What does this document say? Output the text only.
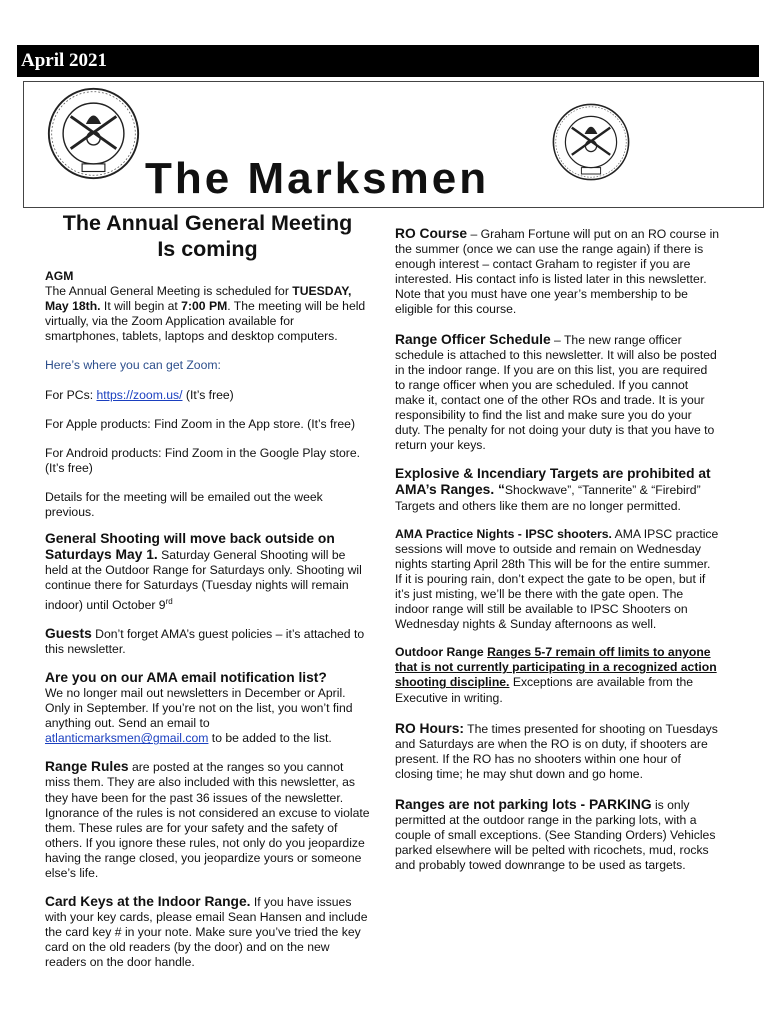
April 2021
The Marksmen

The Annual General Meeting

Is coming

AGM
The Annual General Meeting is scheduled for TUESDAY, May 18th. It will begin at 7:00 PM. The meeting will be held virtually, via the Zoom Application available for smartphones, tablets, laptops and desktop computers.

Here’s where you can get Zoom:

For PCs: https://zoom.us/ (It’s free)

For Apple products: Find Zoom in the App store. (It’s free)

For Android products: Find Zoom in the Google Play store. (It’s free)

Details for the meeting will be emailed out the week previous.

General Shooting will move back outside on Saturdays May 1. Saturday General Shooting will be held at the Outdoor Range for Saturdays only. Shooting wil continue there for Saturdays (Tuesday nights will remain indoor) until October 9rd

Guests Don’t forget AMA’s guest policies – it’s attached to this newsletter.

Are you on our AMA email notification list?
We no longer mail out newsletters in December or April. Only in September. If you’re not on the list, you won’t find anything out. Send an email to atlanticmarksmen@gmail.com to be added to the list.

Range Rules are posted at the ranges so you cannot miss them. They are also included with this newsletter, as they have been for the past 36 issues of the newsletter. Ignorance of the rules is not considered an excuse to violate them. These rules are for your safety and the safety of others. If you ignore these rules, not only do you jeopardize having the range closed, you jeopardize yours or someone else’s life.

Card Keys at the Indoor Range. If you have issues with your key cards, please email Sean Hansen and include the card key # in your note. Make sure you’ve tried the key card on the old readers (by the door) and on the new readers on the door handle.

RO Course – Graham Fortune will put on an RO course in the summer (once we can use the range again) if there is enough interest – contact Graham to register if you are interested. His contact info is listed later in this newsletter. Note that you must have one year’s membership to be eligible for this course.

Range Officer Schedule – The new range officer schedule is attached to this newsletter. It will also be posted in the indoor range. If you are on this list, you are required to range officer when you are scheduled. If you cannot make it, contact one of the other ROs and trade. It is your responsibility to find the list and make sure you do your duty. The penalty for not doing your duty is that you have to return your keys.

Explosive & Incendiary Targets are prohibited at AMA’s Ranges. “Shockwave”, “Tannerite” & “Firebird” Targets and others like them are no longer permitted.

AMA Practice Nights - IPSC shooters. AMA IPSC practice sessions will move to outside and remain on Wednesday nights starting April 28th This will be for the entire summer. If it is pouring rain, don’t expect the gate to be open, but if it’s just misting, we’ll be there with the gate open. The indoor range will still be available to IPSC Shooters on Wednesday nights & Sunday afternoons as well.

Outdoor Range Ranges 5-7 remain off limits to anyone that is not currently participating in a recognized action shooting discipline. Exceptions are available from the Executive in writing.

RO Hours: The times presented for shooting on Tuesdays and Saturdays are when the RO is on duty, if shooters are present. If the RO has no shooters within one hour of closing time; he may shut down and go home.

Ranges are not parking lots - PARKING is only permitted at the outdoor range in the parking lots, with a couple of small exceptions. (See Standing Orders) Vehicles parked elsewhere will be pelted with ricochets, mud, rocks and probably towed downrange to be used as targets.
